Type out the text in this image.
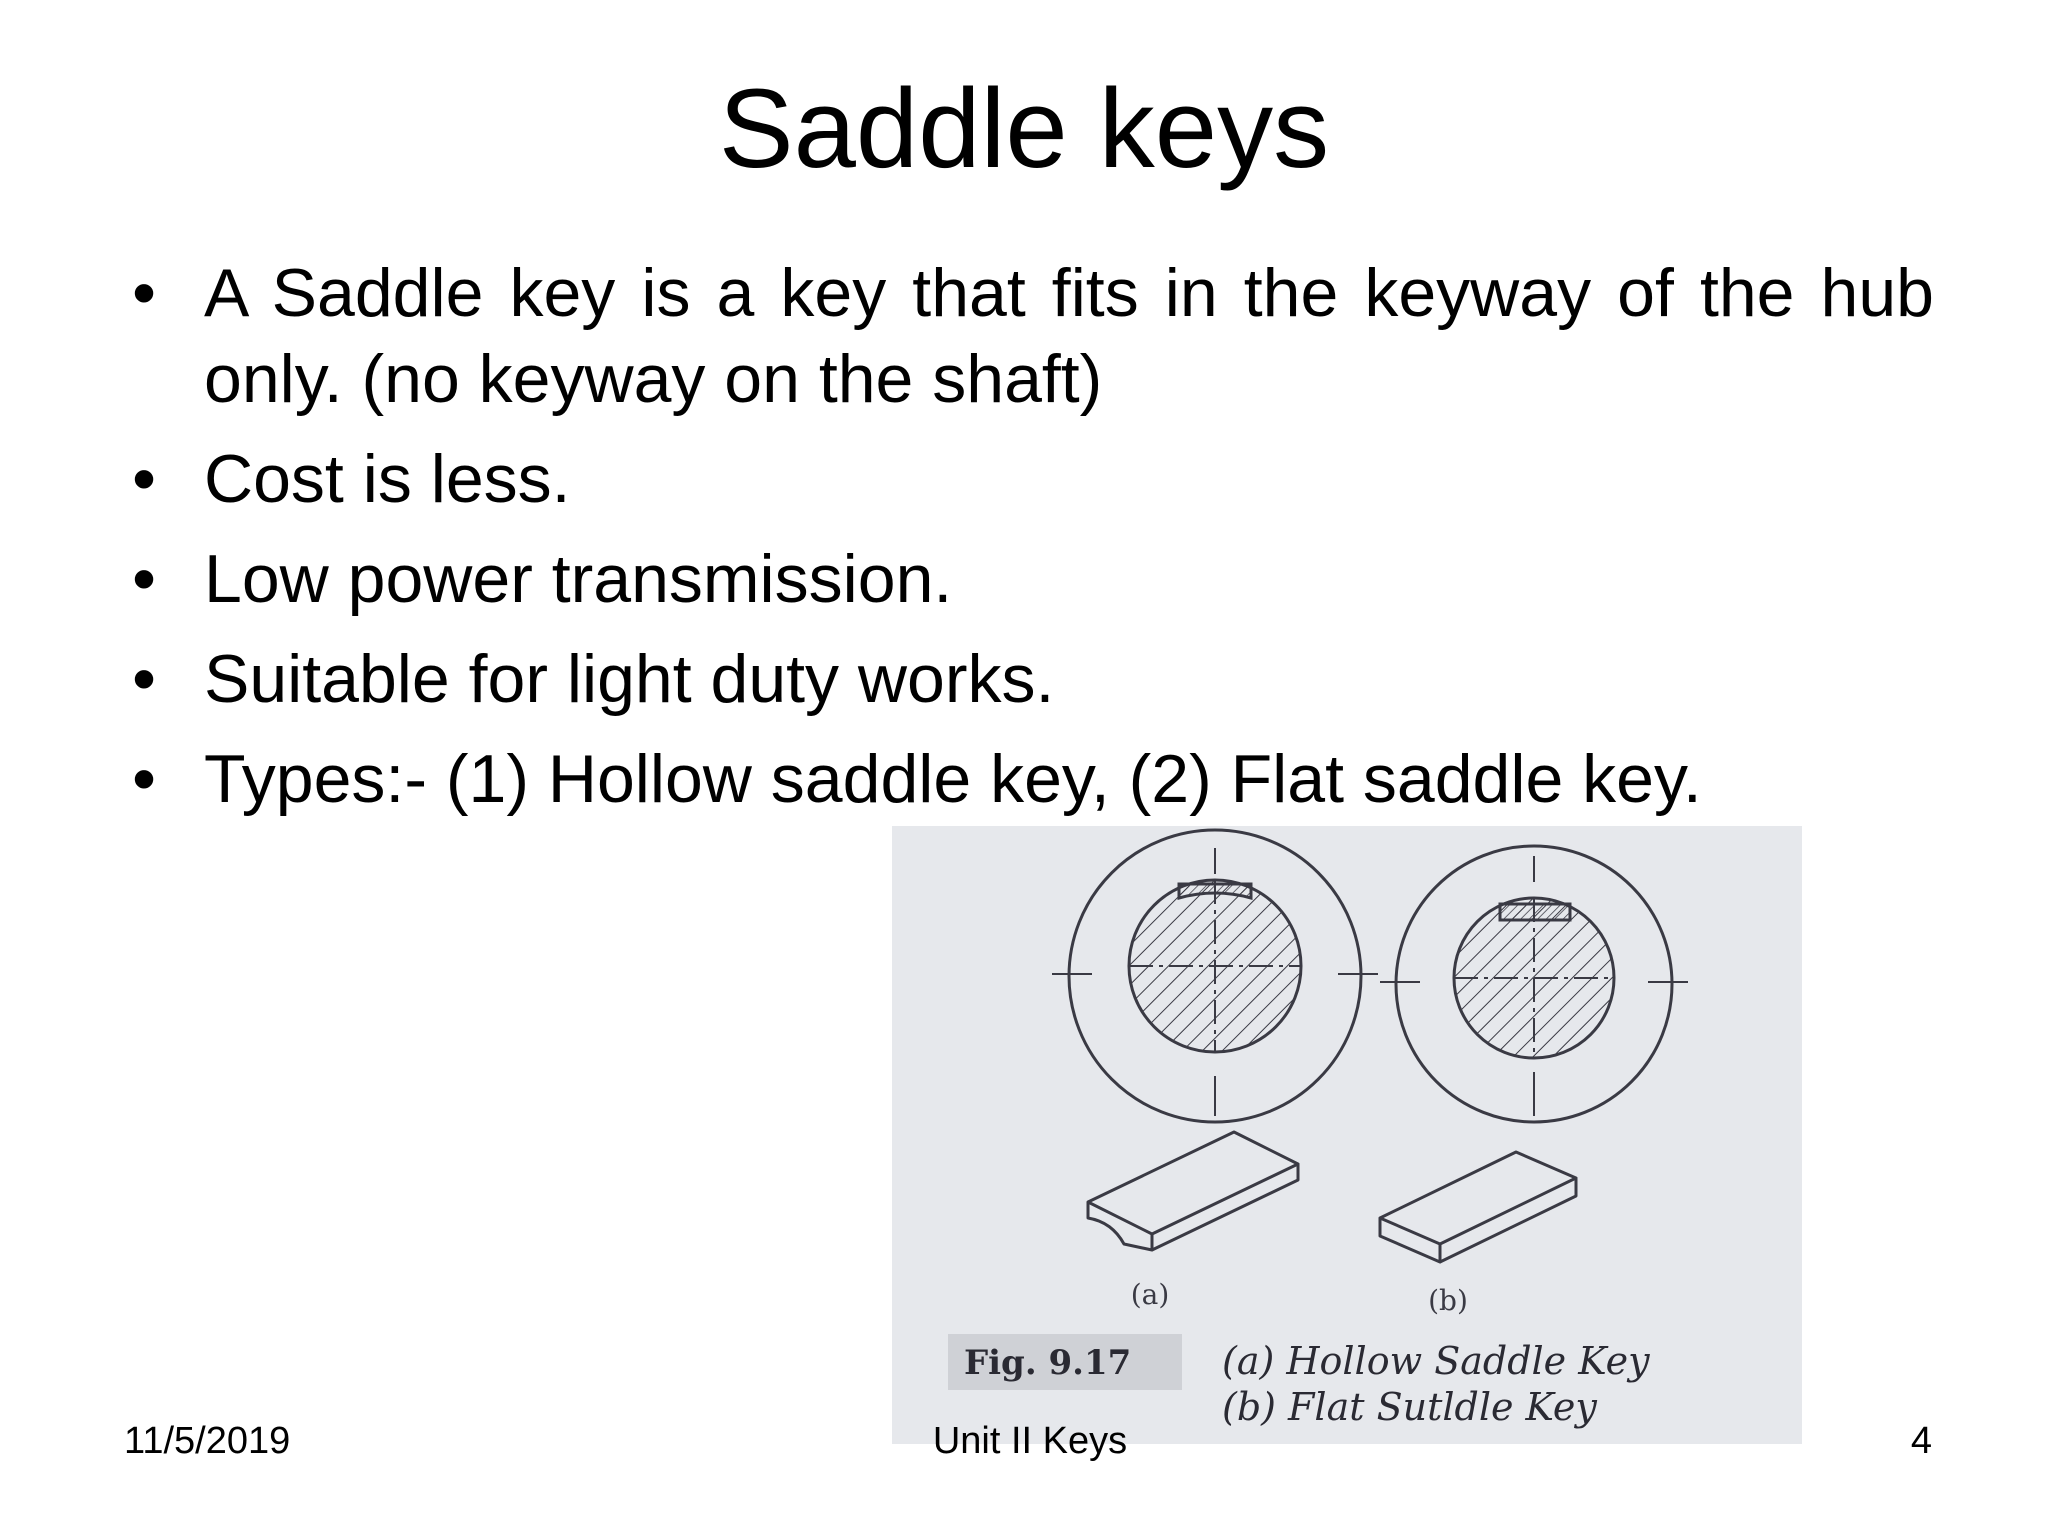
Saddle keys
• A Saddle key is a key that fits in the keyway of the hub only. (no keyway on the shaft)
• Cost is less.
• Low power transmission.
• Suitable for light duty works.
• Types:- (1) Hollow saddle key, (2) Flat saddle key.
(a)	(b)
Fig. 9.17 (a) Hollow Saddle Key
(b) Flat Sutldle Key
11/5/2019	Unit II Keys	4
